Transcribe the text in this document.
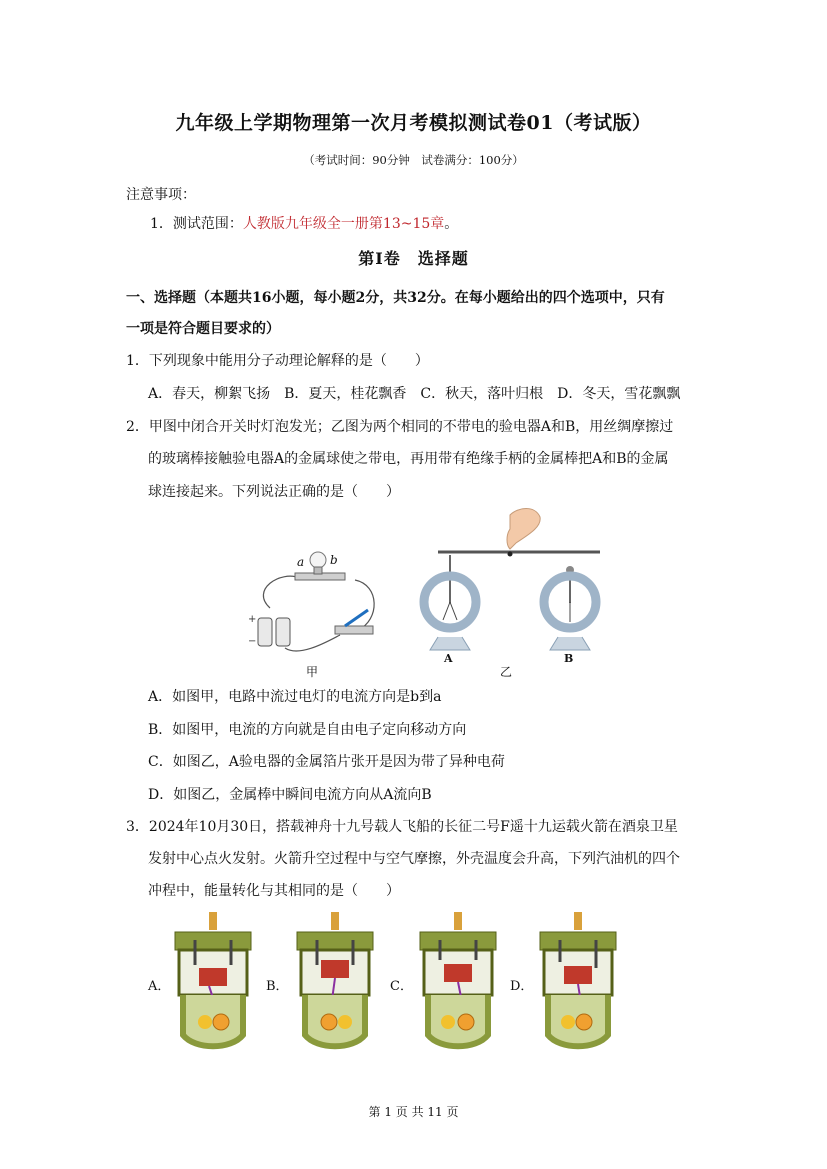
九年级上学期物理第一次月考模拟测试卷01（考试版）
（考试时间：90分钟　试卷满分：100分）
注意事项：
1．测试范围：人教版九年级全一册第13~15章。
第Ⅰ卷　选择题
一、选择题（本题共16小题，每小题2分，共32分。在每小题给出的四个选项中，只有
一项是符合题目要求的）
1．下列现象中能用分子动理论解释的是（　　）
A．春天，柳絮飞扬　B．夏天，桂花飘香　C．秋天，落叶归根　D．冬天，雪花飘飘
2．甲图中闭合开关时灯泡发光；乙图为两个相同的不带电的验电器A和B，用丝绸摩擦过
的玻璃棒接触验电器A的金属球使之带电，再用带有绝缘手柄的金属棒把A和B的金属
球连接起来。下列说法正确的是（　　）
+
−
a b
甲
A
乙
B
A．如图甲，电路中流过电灯的电流方向是b到a
B．如图甲，电流的方向就是自由电子定向移动方向
C．如图乙，A验电器的金属箔片张开是因为带了异种电荷
D．如图乙，金属棒中瞬间电流方向从A流向B
3．2024年10月30日，搭载神舟十九号载人飞船的长征二号F遥十九运载火箭在酒泉卫星
发射中心点火发射。火箭升空过程中与空气摩擦，外壳温度会升高，下列汽油机的四个
冲程中，能量转化与其相同的是（　　）
A．	B．	C．	D．
第 1 页 共 11 页
